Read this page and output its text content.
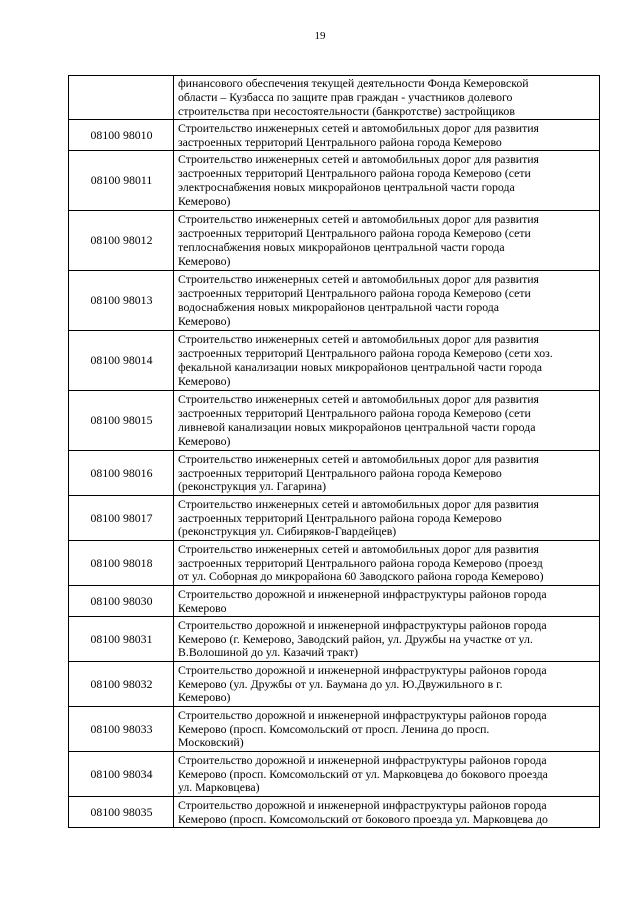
19
	финансового обеспечения текущей деятельности Фонда Кемеровской
области – Кузбасса по защите прав граждан - участников долевого
строительства при несостоятельности (банкротстве) застройщиков
08100 98010	Строительство инженерных сетей и автомобильных дорог для развития
застроенных территорий Центрального района города Кемерово
08100 98011	Строительство инженерных сетей и автомобильных дорог для развития
застроенных территорий Центрального района города Кемерово (сети
электроснабжения новых микрорайонов центральной части города
Кемерово)
08100 98012	Строительство инженерных сетей и автомобильных дорог для развития
застроенных территорий Центрального района города Кемерово (сети
теплоснабжения новых микрорайонов центральной части города
Кемерово)
08100 98013	Строительство инженерных сетей и автомобильных дорог для развития
застроенных территорий Центрального района города Кемерово (сети
водоснабжения новых микрорайонов центральной части города
Кемерово)
08100 98014	Строительство инженерных сетей и автомобильных дорог для развития
застроенных территорий Центрального района города Кемерово (сети хоз.
фекальной канализации новых микрорайонов центральной части города
Кемерово)
08100 98015	Строительство инженерных сетей и автомобильных дорог для развития
застроенных территорий Центрального района города Кемерово (сети
ливневой канализации новых микрорайонов центральной части города
Кемерово)
08100 98016	Строительство инженерных сетей и автомобильных дорог для развития
застроенных территорий Центрального района города Кемерово
(реконструкция ул. Гагарина)
08100 98017	Строительство инженерных сетей и автомобильных дорог для развития
застроенных территорий Центрального района города Кемерово
(реконструкция ул. Сибиряков-Гвардейцев)
08100 98018	Строительство инженерных сетей и автомобильных дорог для развития
застроенных территорий Центрального района города Кемерово (проезд
от ул. Соборная до микрорайона 60 Заводского района города Кемерово)
08100 98030	Строительство дорожной и инженерной инфраструктуры районов города
Кемерово
08100 98031	Строительство дорожной и инженерной инфраструктуры районов города
Кемерово (г. Кемерово, Заводский район, ул. Дружбы на участке от ул.
В.Волошиной до ул. Казачий тракт)
08100 98032	Строительство дорожной и инженерной инфраструктуры районов города
Кемерово (ул. Дружбы от ул. Баумана до ул. Ю.Двужильного в г.
Кемерово)
08100 98033	Строительство дорожной и инженерной инфраструктуры районов города
Кемерово (просп. Комсомольский от просп. Ленина до просп.
Московский)
08100 98034	Строительство дорожной и инженерной инфраструктуры районов города
Кемерово (просп. Комсомольский от ул. Марковцева до бокового проезда
ул. Марковцева)
08100 98035	Строительство дорожной и инженерной инфраструктуры районов города
Кемерово (просп. Комсомольский от бокового проезда ул. Марковцева до
